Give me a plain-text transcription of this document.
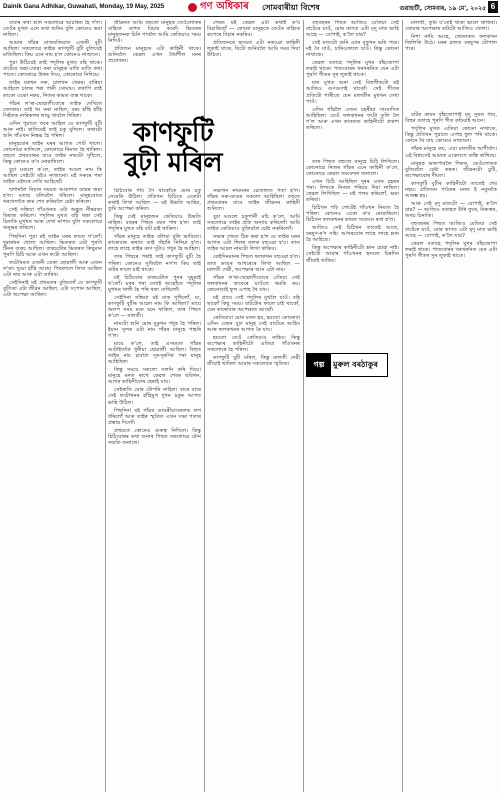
Dainik Gana Adhikar, Guwahati, Monday, 19 May, 2025	গণ অধিকাৰ সোমবাৰীয়া বিশেষ	গুৱাহাটী, সোমবাৰ, ১৯ মে', ২০২৫ 6

বাবাৰ কথা শুনি সকলোৱে আচৰিত হৈ গ'ল। তেওঁৰ মুখত এনে কথা শুনিম বুলি কোনেও ভবা নাছিল।

আমাৰ গাঁৱৰ মাজমজিয়াত এজনী বুঢ়ী আছিল। সকলোৱে তাইক কাণফুটি বুঢ়ী বুলিয়েই মাতিছিল। কিয় এনে নাম হ'ল কোনেও নাজানে।

পুৱা উঠিয়েই তাই পদূলিৰ মুখত বহি থাকে। বাটেৰে অহা-যোৱা কৰা মানুহক মাতি মাতি কথা পাতে। কোনোৱে উত্তৰ দিয়ে, কোনোৱে নিদিয়ে।

তাইৰ ঘৰখন সৰু, চালখন খেৰৰ। বাৰিষা আহিলে চালৰ পৰা পানী সোমায়। তথাপি তাই কাকো একো নকয়, নিজৰ কামত ব্যস্ত থাকে।

গাঁৱৰ ল'ৰা-ছোৱালীবোৰে তাইক দেখিলে জোকায়। তাই খং কৰা নাছিল, বৰং হাঁহি হাঁহি সিহঁতক নাৰিকলৰ লাড়ু খাবলৈ দিছিল।

এদিন পুৱাতে খবৰ আহিল যে কাণফুটি বুঢ়ী আৰু নাই। ৰাতিয়েই তাই চকু মুদিলে। কথাটো শুনি গাঁওখন নিস্তব্ধ হৈ পৰিল।

মানুহবোৰ তাইৰ ঘৰৰ আগত গোট খালে। কোনোৱে কান্দিলে, কোনোৱে নিমাত হৈ থাকিল। বহুতে প্ৰথমবাৰৰ বাবে তাইৰ নামটো সুধিলে, কিন্তু কোনেও ক'ব নোৱাৰিলে।

বুঢ়া মণ্ডলে ক'লে, তাইৰ আচল নাম কি আছিল সেইটো মইও নাজানো। মই সৰুৰে পৰা তাইক এইদৰে দেখি আহিছোঁ।

শ্মশানলৈ নিয়াৰ সময়ত আকাশত ডাৱৰ জমা হ'ল। বতাহ বলিবলৈ ধৰিলে। মানুহবোৰে খৰখেদাকৈ কাম শেষ কৰিবলৈ চেষ্টা কৰিলে।

সেই সন্ধিয়া গাঁওখনত এটা অদ্ভুত নীৰৱতা বিৰাজ কৰিলে। পদূলিৰ মুখত বহি থকা সেই চিনাকি মুখখন আৰু দেখা নাপাম বুলি সকলোৱে অনুভৱ কৰিলে।

পিছদিনা পুৱা মই তাইৰ ঘৰৰ ফালে গ'লোঁ। দুৱাৰখন খোলা আছিল। ভিতৰত এটা পুৰণি টিনৰ বাকচ আছিল। বাকচটোৰ ভিতৰত কিছুমান পুৰণি চিঠি আৰু এখন ফটো আছিল।

ফটোখনত এজনী ডেকা ছোৱালী আৰু এজন ল'ৰা। দুয়ো হাঁহি আছে। পিছফালে লিখা আছিল এটা নাম আৰু এটা তাৰিখ।

সেইদিনাই মই প্ৰথমবাৰ বুজিলোঁ যে কাণফুটি বুঢ়ীৰো এটা জীৱন আছিল, এটা সপোন আছিল, এটা অপেক্ষা আছিল।

চিঠিবোৰ পঢ়ি গৈ থাকোঁতে মোৰ চকু সেমেকি উঠিল। প্ৰতিখন চিঠিতে একেটা কথাই লিখা আছিল — মই উভতি আহিম, তুমি অপেক্ষা কৰিবা।

কিন্তু সেই মানুহজন কেতিয়াও উভতি নাহিল। বছৰৰ পিছত বছৰ পাৰ হ'ল। তাই পদূলিৰ মুখত বহি বাট চাই থাকিল।

গাঁৱৰ মানুহে তাইক বলিয়া বুলি ভাবিলে। কাৰোবাৰ কথাত তাই সঁহাৰি নিদিয়া হ'ল। লাহে লাহে তাইৰ কাণ দুটাও গধুৰ হৈ আহিল।

তাৰ পিছৰে পৰাই তাই কাণফুটি বুঢ়ী হৈ পৰিল। কোনেও সুধিবলৈ নগ'ল কিয় তাই বাটৰ ফালে চাই থাকে।

মই চিঠিবোৰ বাকচটোত পুনৰ সুমুৱাই থ'লোঁ। ঘৰৰ পৰা ওলাই আহোঁতে পদূলিৰ মুখখন খালী হৈ পৰি থকা দেখিলোঁ।

সেইদিনা সন্ধিয়া মই মাক সুধিলোঁ, মা, কাণফুটি বুঢ়ীৰ আচল নাম কি আছিল? মায়ে অলপ সময় মনে মনে থাকিল, তাৰ পিছত ক'লে — মালতী।

নামটো শুনি মোৰ বুকুখন গধুৰ হৈ পৰিল। ইমান সুন্দৰ এটা নাম গাঁৱৰ মানুহে পাহৰি গ'ল।

মায়ে ক'লে, তাই এসময়ত গাঁৱৰ আটাইতকৈ ধুনীয়া ছোৱালী আছিল। বিহুত তাইৰ নাচ চাবলৈ দূৰ-দূৰণিৰ পৰা মানুহ আহিছিল।

কিন্তু সময়ে সকলো সলনি কৰি দিয়ে। মানুহে মনত ৰাখে কেৱল শেষৰ ছবিখন, আগৰ কাহিনীবোৰ হেৰাই যায়।

সেইৰাতি মোৰ টোপনি নাহিল। বাৰে বাৰে সেই ফটোখনৰ হাঁহিমুখ দুখন চকুৰ আগত ভাহি উঠিল।

পিছদিনা মই গাঁৱৰ ডাঙৰীয়াসকলক লগ ধৰিলোঁ আৰু তাইৰ স্মৃতিত এখন সভা পতাৰ প্ৰস্তাৱ দিলোঁ।

প্ৰথমতে কোনেও গুৰুত্ব নিদিলে। কিন্তু চিঠিবোৰৰ কথা শুনাৰ পিছত সকলোৱে মৌন সন্মতি জনালে।

জীৱনত আমি বহুতো মানুহক তেওঁলোকৰ বাহ্যিক ৰূপত বিচাৰ কৰোঁ। ভিতৰৰ মানুহজনক চিনি পাবলৈ আমি কেতিয়াও সময় নিদিওঁ।

প্ৰতিজন মানুহৰে এটা কাহিনী থাকে। শুনিবলৈ কেৱল এখন ধৈৰ্যশীল মনৰ প্ৰয়োজন।

কাণফুটি
বুঢ়ী মৰিল

সভাখন নামঘৰৰ চোতালত পতা হ'ল। গাঁৱৰ সৰু-ডাঙৰ সকলো আহিছিল। বহুতে প্ৰথমবাৰৰ বাবে তাইৰ জীৱনৰ কাহিনী শুনিলে।

বুঢ়া মণ্ডলে চকুপানী মচি ক'লে, আমি সকলোৱে তাইৰ প্ৰতি অন্যায় কৰিলোঁ। আমি তাইক কেতিয়াও বুজিবলৈ চেষ্টা নকৰিলোঁ।

সভাৰ শেষত ঠিক কৰা হ'ল যে তাইৰ ঘৰৰ আগত এটা শিলৰ ফলক বহুওৱা হ'ব। তাত তাইৰ আচল নামটো লিখা থাকিব।

কেইদিনমানৰ পিছত ফলকখন বহুওৱা হ'ল। তাত ডাঙৰ আখৰেৰে লিখা আছিল — মালতী দেৱী, অপেক্ষাৰ আন এটা নাম।

গাঁৱৰ ল'ৰা-ছোৱালীবোৰে এতিয়া সেই ফলকখনৰ কাষেৰে যাওঁতে থমকি ৰয়। কোনোবাই ফুল এপাহ থৈ যায়।

মই প্ৰায়ে সেই পদূলিৰ মুখলৈ যাওঁ। বহি থাকোঁ কিছু সময়। বাটটোৰ ফালে চাই থাকোঁ, যেন কাৰোবাৰ অপেক্ষাত আছোঁ।

কেতিয়াবা মোৰ মনত হয়, হয়তো কোনোবা এদিন এজন বুঢ়া মানুহ সেই বাটেৰে আহিব আৰু ফলকখনৰ আগত ৰৈ যাব।

হয়তো তেওঁ কেতিয়াও নাহিব। কিন্তু অপেক্ষাৰ কাহিনীটো এতিয়া গাঁওখনৰ সকলোৰে হৈ পৰিল।

কাণফুটি বুঢ়ী মৰিল, কিন্তু মালতী দেৱী জীয়াই থাকিল আমাৰ সকলোৰে স্মৃতিত।

শেষত মই কেৱল এটা কথাই ক'ব বিচাৰিছোঁ — কোনো মানুহকে তেওঁৰ বাহ্যিক ৰূপেৰে বিচাৰ নকৰিব।

প্ৰতিজনৰে হৃদয়ত এটা নকওৱা কাহিনী লুকাই থাকে, যিটো শুনিবলৈ আমি সময় দিয়া উচিত।

বহুবছৰৰ পিছত আজিও যেতিয়া সেই বাটেৰে যাওঁ, মোৰ কাণত এটা মৃদু মাত ভাহি আহে — বোপাই, ক'লৈ যাৱ?

সেই মাতটো শুনি মোৰ বুকুখন ভৰি পৰে। মই ৰৈ যাওঁ, চাৰিওফালে চাওঁ। কিন্তু কোনো নাথাকে।

কেৱল বতাহে পদূলিৰ মুখৰ বাঁহজোপা লৰাই থাকে। পাতবোৰৰ খৰখৰনিত যেন এটা পুৰণি গীতৰ সুৰ লুকাই থাকে।

মাৰ মুখত শুনা সেই বিহুগীতটো মই আজিও গুণগুণাই থাকোঁ। সেই গীতৰ প্ৰতিটো শাৰীতে যেন মালতীৰ মুখখন দেখা পাওঁ।

এদিন গাঁৱলৈ এজন চহৰীয়া সাংবাদিক আহিছিল। তেওঁ ফলকখনৰ ফটো তুলি লৈ গ'ল আৰু এখন কাকতত কাহিনীটো প্ৰকাশ কৰিলে।

তাৰ পিছত বহুতো মানুহে চিঠি লিখিলে। কোনোৱে নিজৰ গাঁৱৰ এনে কাহিনী ক'লে, কোনোৱে কেৱল সমবেদনা জনালে।

এখন চিঠি আহিছিল দূৰৰ এখন চহৰৰ পৰা। লিখকে নিজৰ পৰিচয় দিয়া নাছিল। কেৱল লিখিছিল — মই পলম কৰিলোঁ, ক্ষমা কৰিবা।

চিঠিখন পঢ়ি গোটেই গাঁওখন নিমাত হৈ পৰিল। কোনেও একো ক'ব নোৱাৰিলে। চিঠিখন ফলকখনৰ কাষত সযতনে ৰখা হ'ল।

আজিও সেই চিঠিখন তাতেই আছে, বৰষুণ-ৰ'দ সহি। আখৰবোৰ লাহে লাহে ম্লান হৈ আহিছে।

কিন্তু অপেক্ষাৰ কাহিনীটো ম্লান হোৱা নাই। সেইটো আমাৰ গাঁওখনৰ হৃদয়ত চিৰদিন জীয়াই থাকিব।

গল্প	মুৰুল বৰঠাকুৰ

মালতী, তুমি য'তেই থাকা ভালে থাকিবা। তোমাৰ অপেক্ষাৰ বাটটো আজিও খোলা।

নিশা নামি আহে, জোনাকত ফলকখন জিলিকি উঠে। ঘৰৰ চালত বৰষুণৰ টোপাল পৰে।

বাটৰ কাষৰ বাঁহজোপাই মৃদু সুৰত গায়, বিহুৰ বতাহে পুৰণি গীত কঢ়িয়াই আনে।

পদূলিৰ মুখত এতিয়া কোনো নাথাকে, কিন্তু প্ৰতিখন পুৱাতে এপাহ ফুল পৰি থাকে। কোনে থৈ যায় কোনেও নাজানে।

গাঁৱৰ মানুহে কয়, এয়া মালতীৰ আশীৰ্বাদ। এই বিশ্বাসেই আমাক একেলগে বান্ধি ৰাখিছে।

মানুহক ভালপাবলৈ শিকক, তেওঁলোকক বুজিবলৈ চেষ্টা কৰক। জীৱনটো চুটি, অপেক্ষাবোৰ দীঘল।

কাণফুটি বুঢ়ীৰ কাহিনীটো তাতেই শেষ নহয়। প্ৰতিজন পাঠকৰ মনত ই নতুনকৈ আৰম্ভ হয়।

আৰু সেই মৃদু মাতটো — বোপাই, ক'লৈ যাৱ? — আজিও বতাহত উৰি ফুৰে, নিৰুত্তৰ, অথচ চিনাকি।

বহুবছৰৰ পিছত আজিও যেতিয়া সেই বাটেৰে যাওঁ, মোৰ কাণত এটা মৃদু মাত ভাহি আহে — বোপাই, ক'লৈ যাৱ?

কেৱল বতাহে পদূলিৰ মুখৰ বাঁহজোপা লৰাই থাকে। পাতবোৰৰ খৰখৰনিত যেন এটা পুৰণি গীতৰ সুৰ লুকাই থাকে।
